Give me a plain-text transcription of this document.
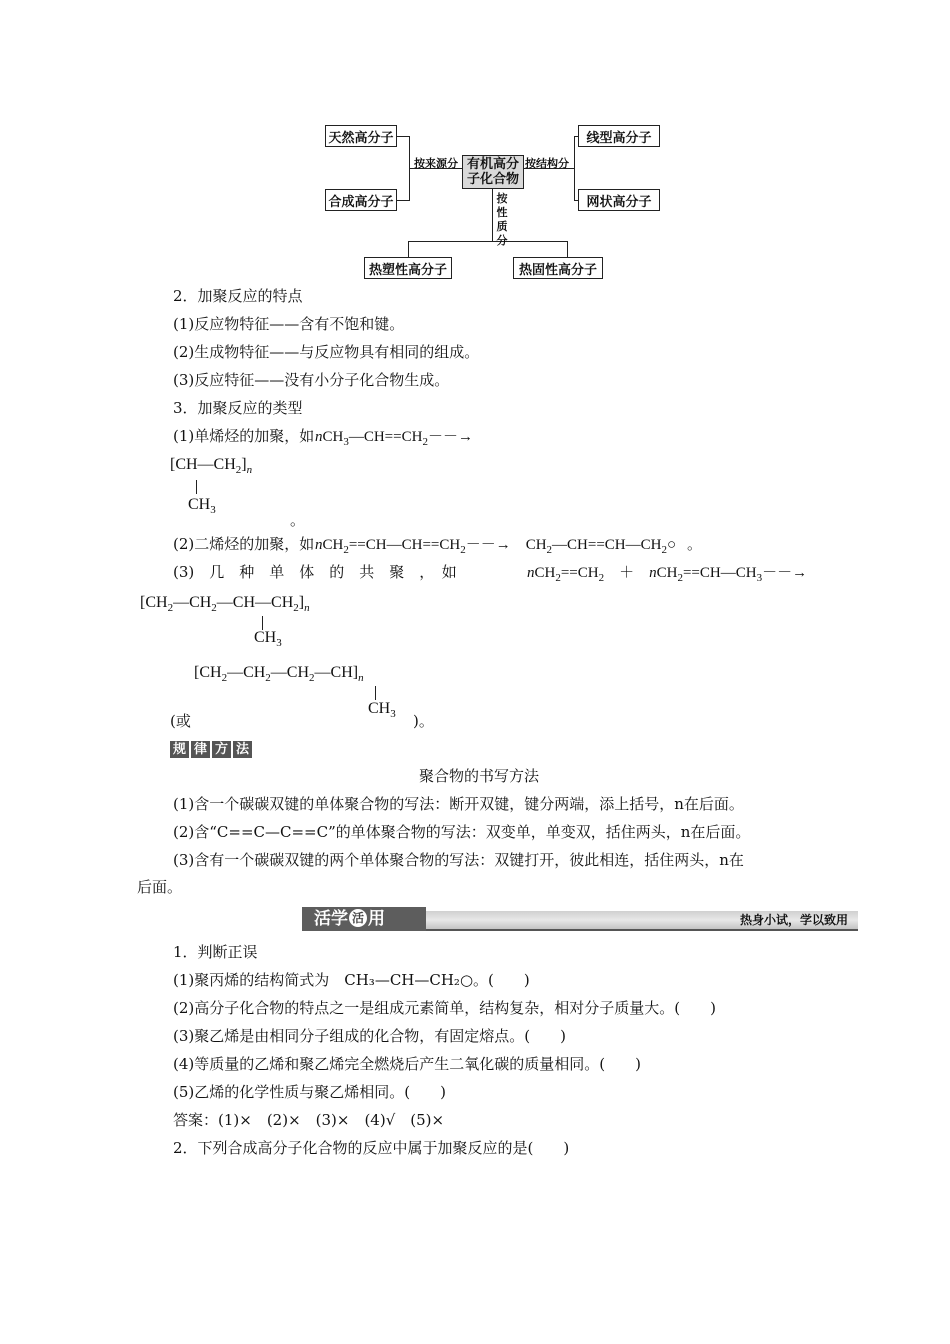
天然高分子
合成高分子
有机高分子化合物
线型高分子
网状高分子
热塑性高分子	热固性高分子
按来源分	按结构分
按性质分
2．加聚反应的特点
(1)反应物特征——含有不饱和键。
(2)生成物特征——与反应物具有相同的组成。
(3)反应特征——没有小分子化合物生成。
3．加聚反应的类型
(1)单烯烃的加聚，如 $nCH_3—CH==CH_2--\to$
$[CH—CH_2]_n$
$CH_3$
。
(2)二烯烃的加聚，如 $nCH_2==CH—CH==CH_2--\to$　$CH_2—CH==CH—CH_2○$ 。
(3)　几　种　单　体　的　共　聚　，　如	$nCH_2==CH_2$　＋　$nCH_2==CH—CH_3--\to$
$[CH_2—CH_2—CH—CH_2]_n$
$CH_3$
$[CH_2—CH_2—CH_2—CH]_n$
$CH_3$
(或	)。
规 律 方 法
聚合物的书写方法
(1)含一个碳碳双键的单体聚合物的写法：断开双键，键分两端，添上括号，n在后面。
(2)含“C==C—C==C”的单体聚合物的写法：双变单，单变双，括住两头，n在后面。
(3)含有一个碳碳双键的两个单体聚合物的写法：双键打开，彼此相连，括住两头，n在
后面。
活学 活 用	热身小试，学以致用
1．判断正误
(1)聚丙烯的结构简式为　CH₃—CH—CH₂○。(　　)
(2)高分子化合物的特点之一是组成元素简单，结构复杂，相对分子质量大。(　　)
(3)聚乙烯是由相同分子组成的化合物，有固定熔点。(　　)
(4)等质量的乙烯和聚乙烯完全燃烧后产生二氧化碳的质量相同。(　　)
(5)乙烯的化学性质与聚乙烯相同。(　　)
答案：(1)×　(2)×　(3)×　(4)√　(5)×
2．下列合成高分子化合物的反应中属于加聚反应的是(　　)
